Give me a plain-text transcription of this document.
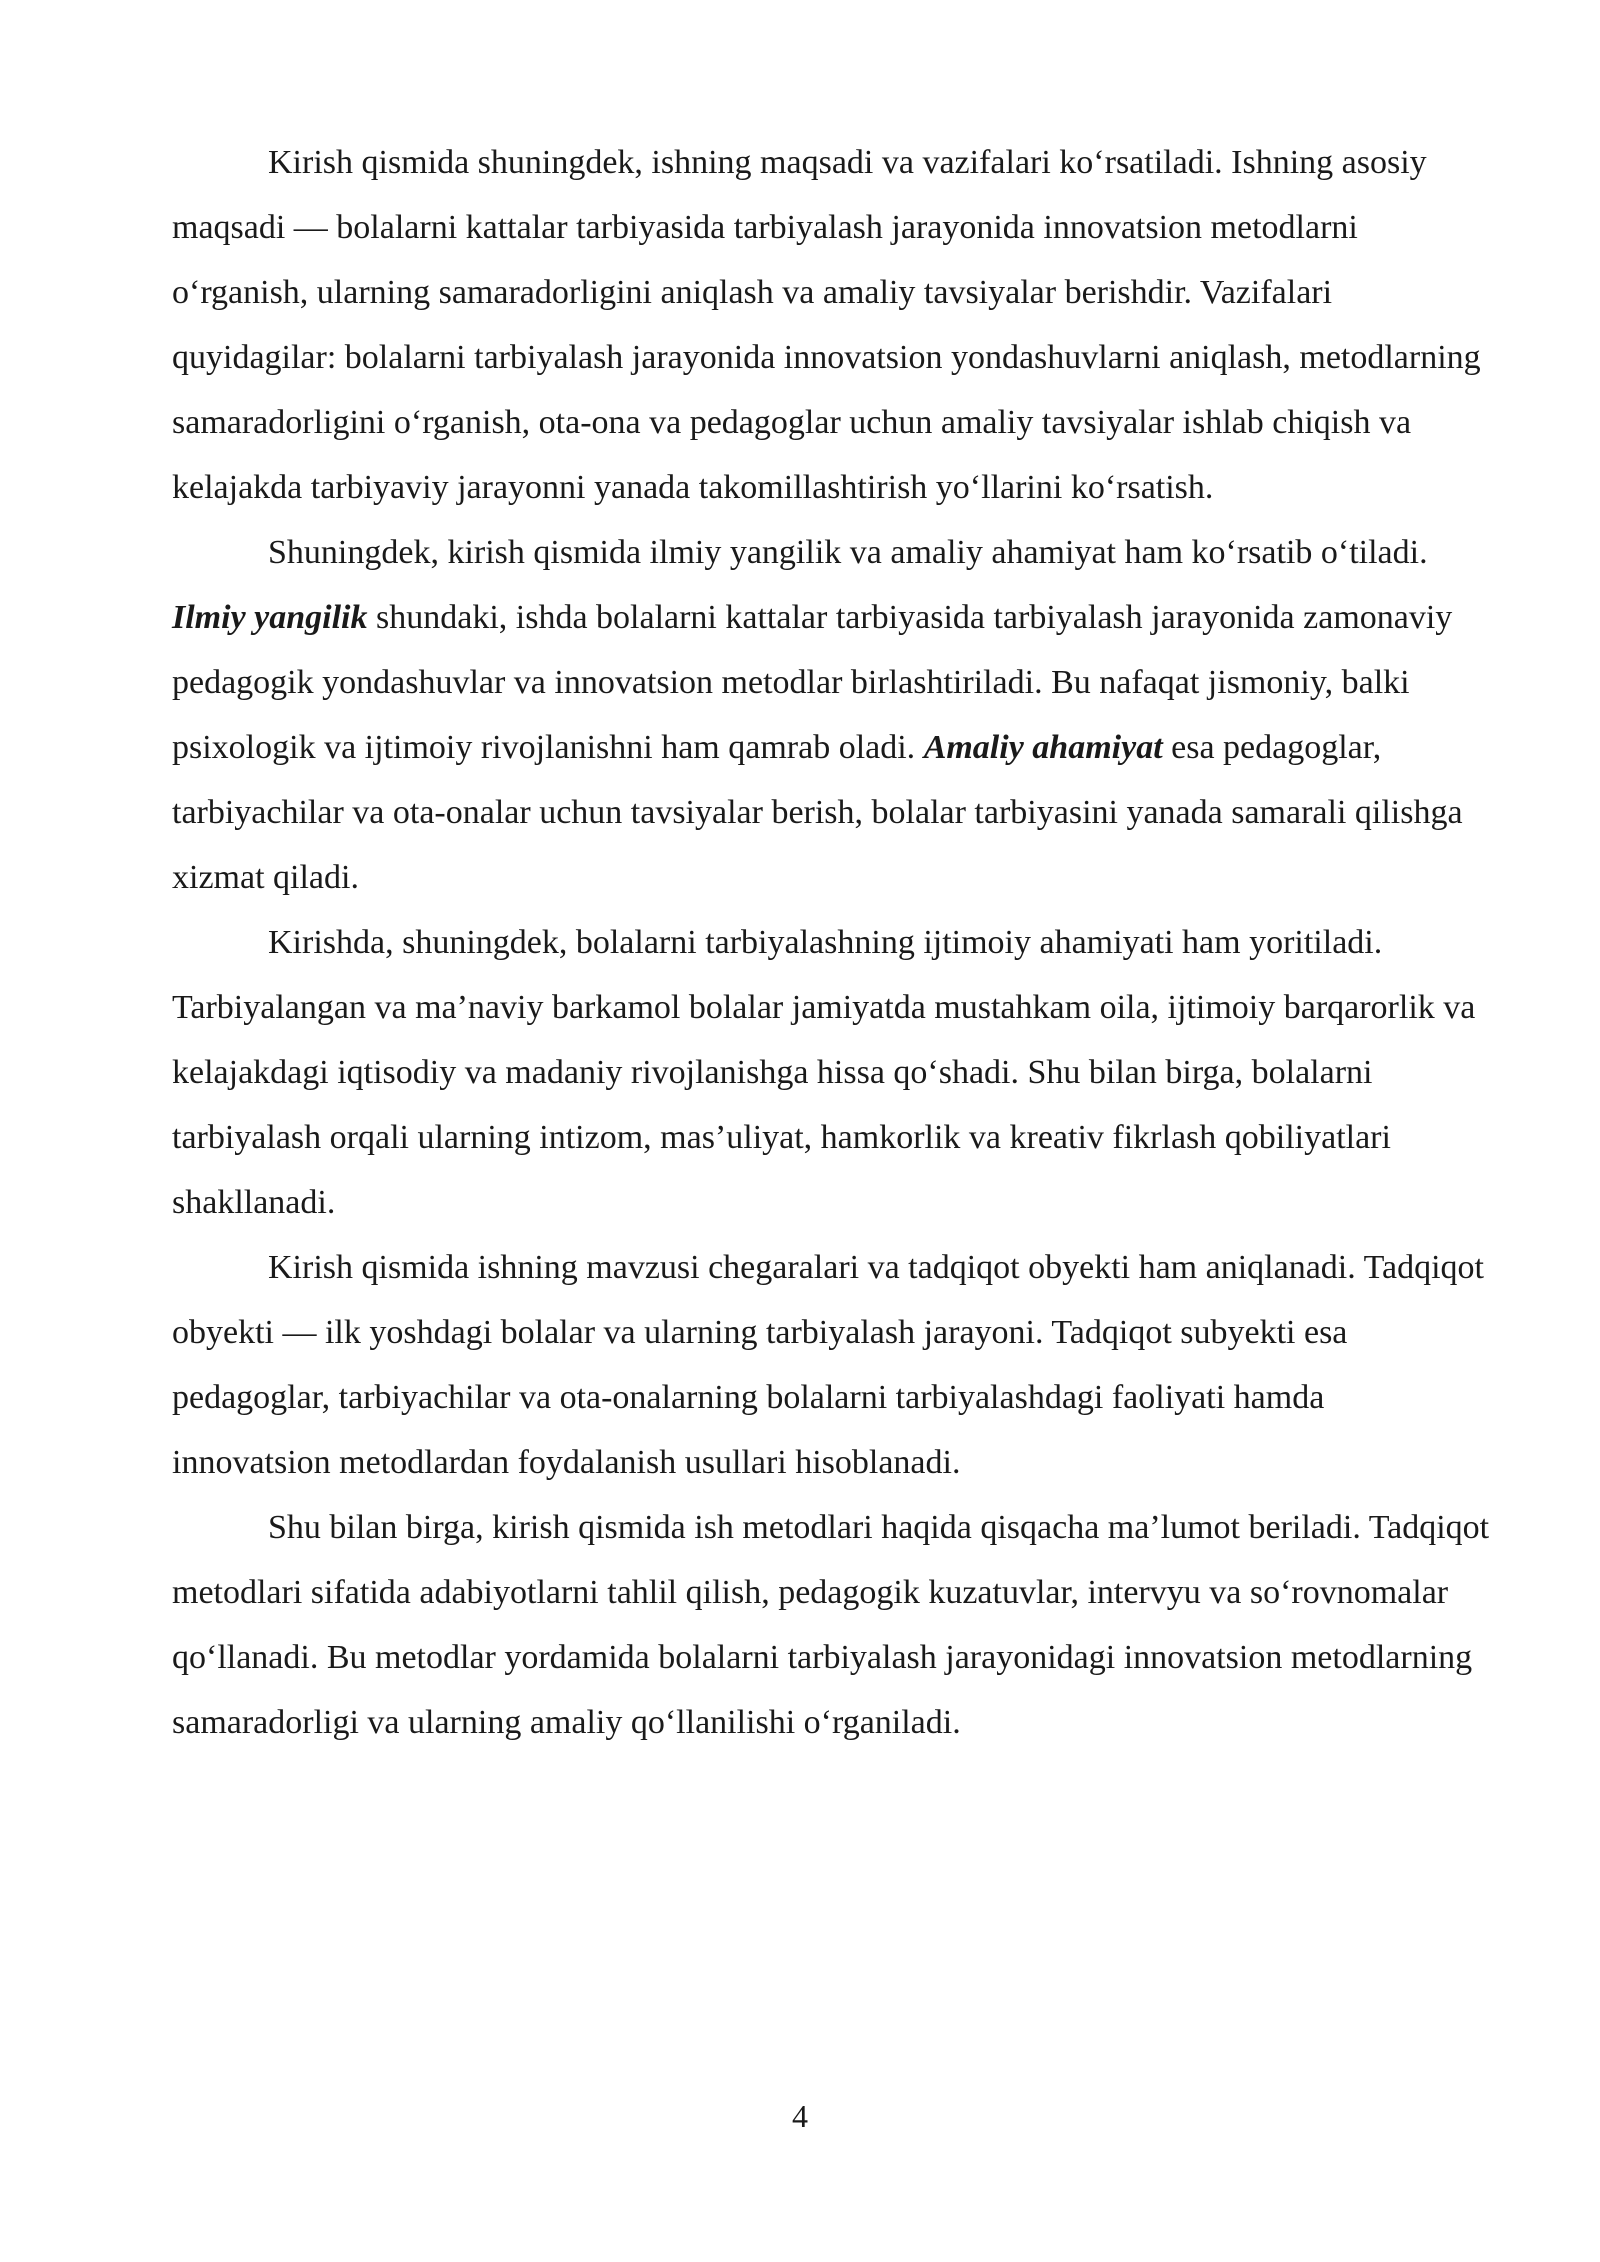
Kirish qismida shuningdek, ishning maqsadi va vazifalari ko‘rsatiladi. Ishning asosiy maqsadi — bolalarni kattalar tarbiyasida tarbiyalash jarayonida innovatsion metodlarni o‘rganish, ularning samaradorligini aniqlash va amaliy tavsiyalar berishdir. Vazifalari quyidagilar: bolalarni tarbiyalash jarayonida innovatsion yondashuvlarni aniqlash, metodlarning samaradorligini o‘rganish, ota-ona va pedagoglar uchun amaliy tavsiyalar ishlab chiqish va kelajakda tarbiyaviy jarayonni yanada takomillashtirish yo‘llarini ko‘rsatish.

Shuningdek, kirish qismida ilmiy yangilik va amaliy ahamiyat ham ko‘rsatib o‘tiladi. Ilmiy yangilik shundaki, ishda bolalarni kattalar tarbiyasida tarbiyalash jarayonida zamonaviy pedagogik yondashuvlar va innovatsion metodlar birlashtiriladi. Bu nafaqat jismoniy, balki psixologik va ijtimoiy rivojlanishni ham qamrab oladi. Amaliy ahamiyat esa pedagoglar, tarbiyachilar va ota-onalar uchun tavsiyalar berish, bolalar tarbiyasini yanada samarali qilishga xizmat qiladi.

Kirishda, shuningdek, bolalarni tarbiyalashning ijtimoiy ahamiyati ham yoritiladi. Tarbiyalangan va ma’naviy barkamol bolalar jamiyatda mustahkam oila, ijtimoiy barqarorlik va kelajakdagi iqtisodiy va madaniy rivojlanishga hissa qo‘shadi. Shu bilan birga, bolalarni tarbiyalash orqali ularning intizom, mas’uliyat, hamkorlik va kreativ fikrlash qobiliyatlari shakllanadi.

Kirish qismida ishning mavzusi chegaralari va tadqiqot obyekti ham aniqlanadi. Tadqiqot obyekti — ilk yoshdagi bolalar va ularning tarbiyalash jarayoni. Tadqiqot subyekti esa pedagoglar, tarbiyachilar va ota-onalarning bolalarni tarbiyalashdagi faoliyati hamda innovatsion metodlardan foydalanish usullari hisoblanadi.

Shu bilan birga, kirish qismida ish metodlari haqida qisqacha ma’lumot beriladi. Tadqiqot metodlari sifatida adabiyotlarni tahlil qilish, pedagogik kuzatuvlar, intervyu va so‘rovnomalar qo‘llanadi. Bu metodlar yordamida bolalarni tarbiyalash jarayonidagi innovatsion metodlarning samaradorligi va ularning amaliy qo‘llanilishi o‘rganiladi.

4
